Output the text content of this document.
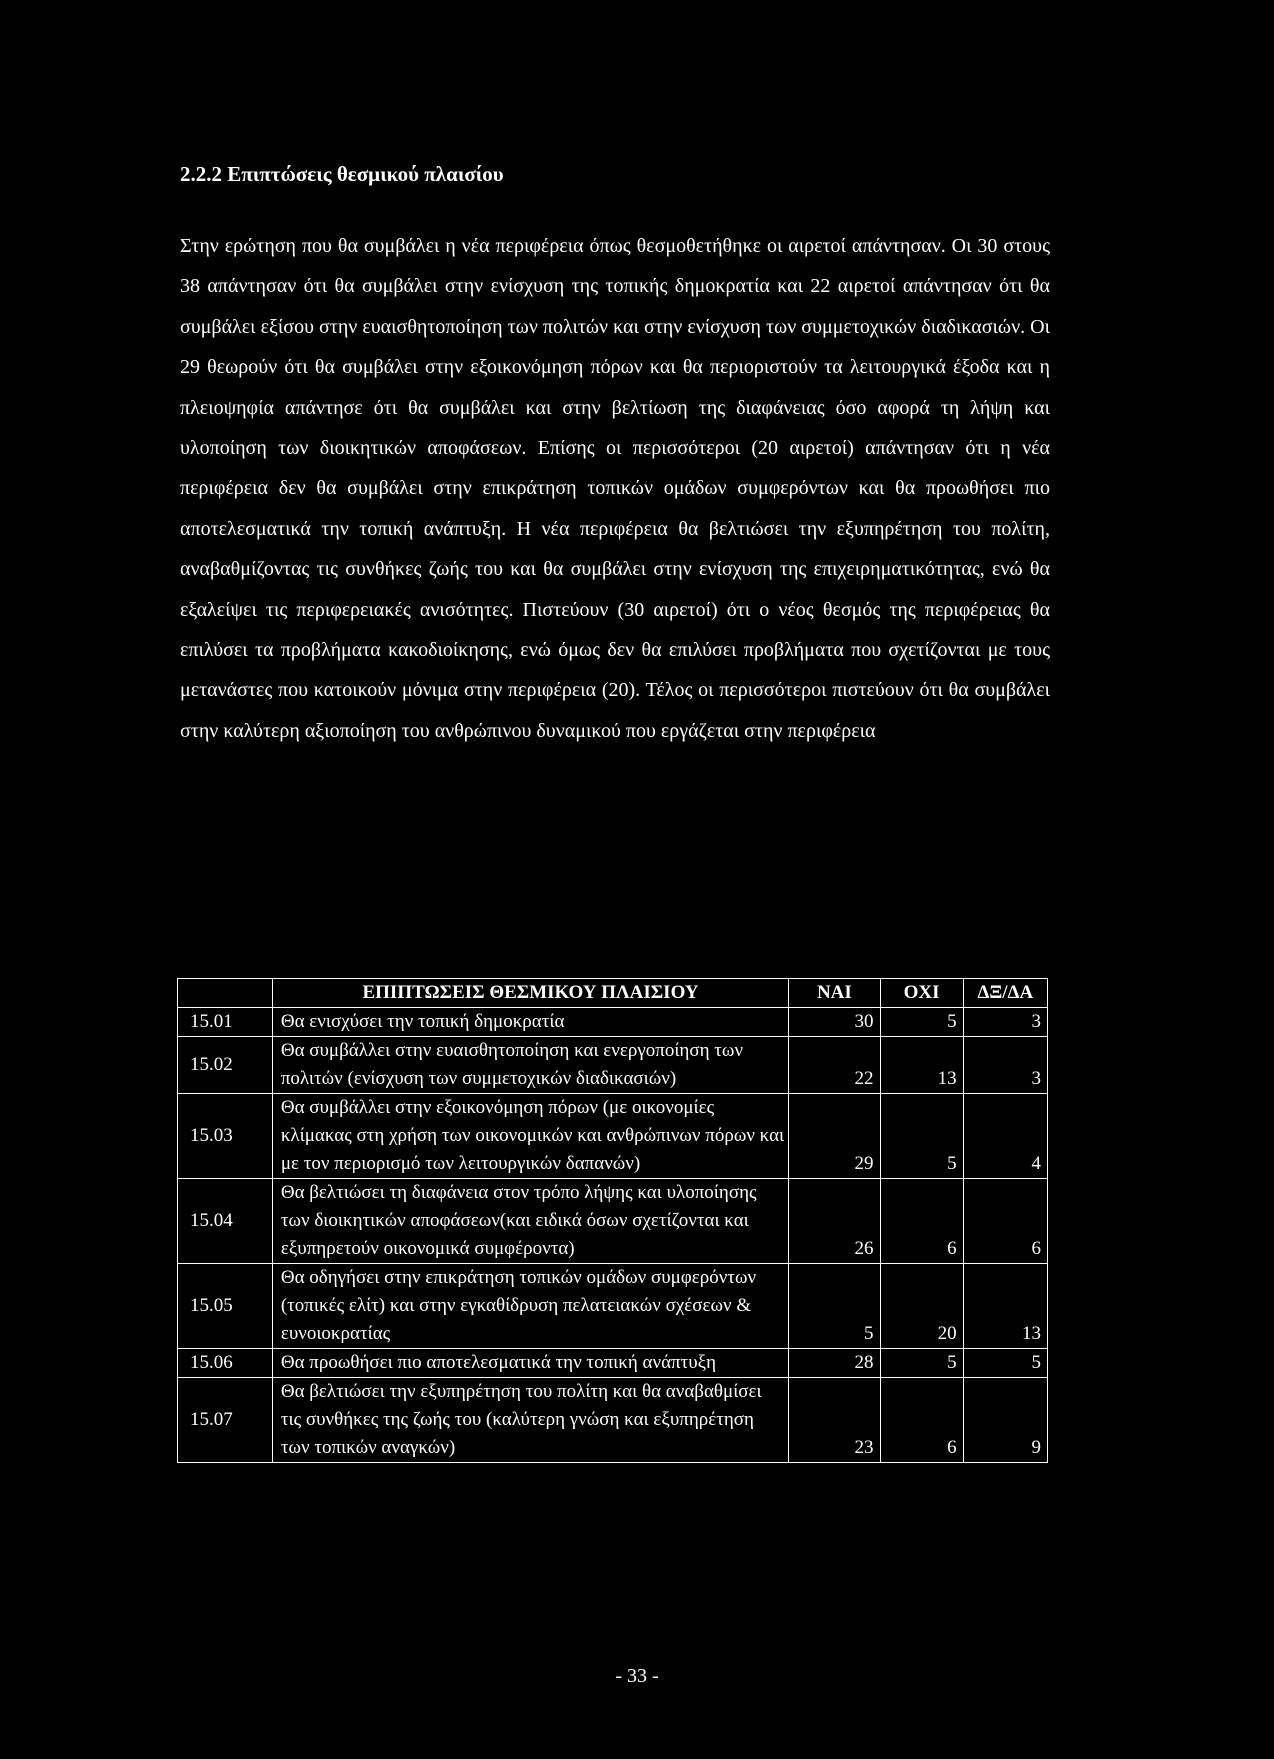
2.2.2 Επιπτώσεις θεσμικού πλαισίου

Στην ερώτηση που θα συμβάλει η νέα περιφέρεια όπως θεσμοθετήθηκε οι αιρετοί απάντησαν. Οι 30 στους 38 απάντησαν ότι θα συμβάλει στην ενίσχυση της τοπικής δημοκρατία και 22 αιρετοί απάντησαν ότι θα συμβάλει εξίσου στην ευαισθητοποίηση των πολιτών και στην ενίσχυση των συμμετοχικών διαδικασιών. Οι 29 θεωρούν ότι θα συμβάλει στην εξοικονόμηση πόρων και θα περιοριστούν τα λειτουργικά έξοδα και η πλειοψηφία απάντησε ότι θα συμβάλει και στην βελτίωση της διαφάνειας όσο αφορά τη λήψη και υλοποίηση των διοικητικών αποφάσεων. Επίσης οι περισσότεροι (20 αιρετοί) απάντησαν ότι η νέα περιφέρεια δεν θα συμβάλει στην επικράτηση τοπικών ομάδων συμφερόντων και θα προωθήσει πιο αποτελεσματικά την τοπική ανάπτυξη. Η νέα περιφέρεια θα βελτιώσει την εξυπηρέτηση του πολίτη, αναβαθμίζοντας τις συνθήκες ζωής του και θα συμβάλει στην ενίσχυση της επιχειρηματικότητας, ενώ θα εξαλείψει τις περιφερειακές ανισότητες. Πιστεύουν (30 αιρετοί) ότι ο νέος θεσμός της περιφέρειας θα επιλύσει τα προβλήματα κακοδιοίκησης, ενώ όμως δεν θα επιλύσει προβλήματα που σχετίζονται με τους μετανάστες που κατοικούν μόνιμα στην περιφέρεια (20). Τέλος οι περισσότεροι πιστεύουν ότι θα συμβάλει στην καλύτερη αξιοποίηση του ανθρώπινου δυναμικού που εργάζεται στην περιφέρεια

	ΕΠΙΠΤΩΣΕΙΣ ΘΕΣΜΙΚΟΥ ΠΛΑΙΣΙΟΥ	ΝΑΙ	ΟΧΙ	ΔΞ/ΔΑ
15.01	Θα ενισχύσει την τοπική δημοκρατία	30	5	3
15.02	Θα συμβάλλει στην ευαισθητοποίηση και ενεργοποίηση των πολιτών (ενίσχυση των συμμετοχικών διαδικασιών)	22	13	3
15.03	Θα συμβάλλει στην εξοικονόμηση πόρων (με οικονομίες κλίμακας στη χρήση των οικονομικών και ανθρώπινων πόρων και με τον περιορισμό των λειτουργικών δαπανών)	29	5	4
15.04	Θα βελτιώσει τη διαφάνεια στον τρόπο λήψης και υλοποίησης των διοικητικών αποφάσεων(και ειδικά όσων σχετίζονται και εξυπηρετούν οικονομικά συμφέροντα)	26	6	6
15.05	Θα οδηγήσει στην επικράτηση τοπικών ομάδων συμφερόντων (τοπικές ελίτ) και στην εγκαθίδρυση πελατειακών σχέσεων & ευνοιοκρατίας	5	20	13
15.06	Θα προωθήσει πιο αποτελεσματικά την τοπική ανάπτυξη	28	5	5
15.07	Θα βελτιώσει την εξυπηρέτηση του πολίτη και θα αναβαθμίσει τις συνθήκες της ζωής του (καλύτερη γνώση και εξυπηρέτηση των τοπικών αναγκών)	23	6	9
- 33 -
